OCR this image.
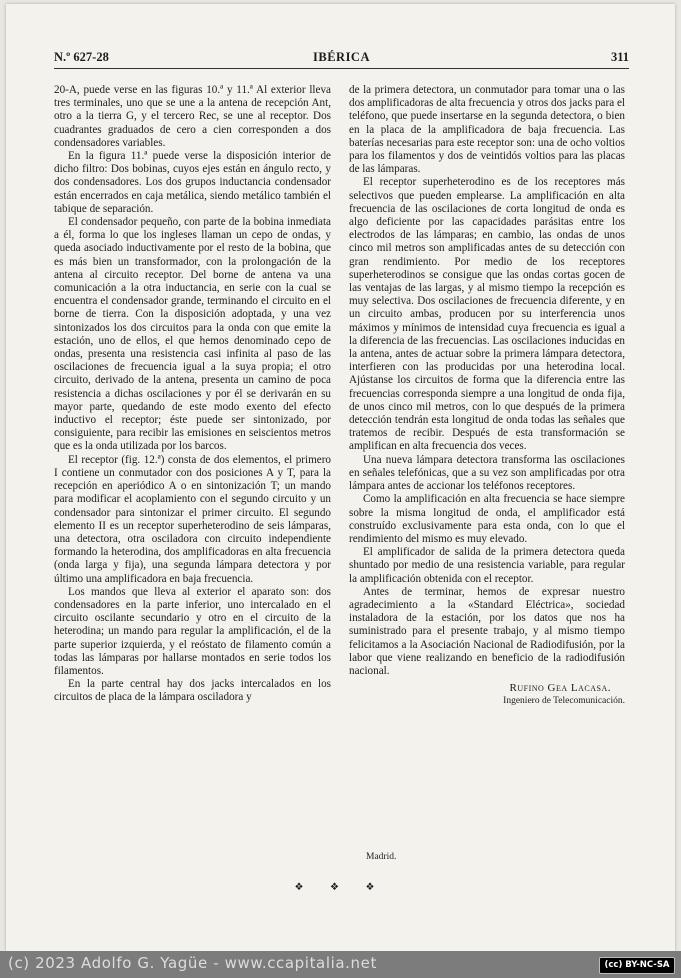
N.º 627-28	IBÉRICA	311

20-A, puede verse en las figuras 10.ª y 11.ª Al exterior lleva tres terminales, uno que se une a la antena de recepción Ant, otro a la tierra G, y el tercero Rec, se une al receptor. Dos cuadrantes graduados de cero a cien corresponden a dos condensadores variables.

En la figura 11.ª puede verse la disposición interior de dicho filtro: Dos bobinas, cuyos ejes están en ángulo recto, y dos condensadores. Los dos grupos inductancia condensador están encerrados en caja metálica, siendo metálico también el tabique de separación.

El condensador pequeño, con parte de la bobina inmediata a él, forma lo que los ingleses llaman un cepo de ondas, y queda asociado inductivamente por el resto de la bobina, que es más bien un transformador, con la prolongación de la antena al circuito receptor. Del borne de antena va una comunicación a la otra inductancia, en serie con la cual se encuentra el condensador grande, terminando el circuito en el borne de tierra. Con la disposición adoptada, y una vez sintonizados los dos circuitos para la onda con que emite la estación, uno de ellos, el que hemos denominado cepo de ondas, presenta una resistencia casi infinita al paso de las oscilaciones de frecuencia igual a la suya propia; el otro circuito, derivado de la antena, presenta un camino de poca resistencia a dichas oscilaciones y por él se derivarán en su mayor parte, quedando de este modo exento del efecto inductivo el receptor; éste puede ser sintonizado, por consiguiente, para recibir las emisiones en seiscientos metros que es la onda utilizada por los barcos.

El receptor (fig. 12.ª) consta de dos elementos, el primero I contiene un conmutador con dos posiciones A y T, para la recepción en aperiódico A o en sintonización T; un mando para modificar el acoplamiento con el segundo circuito y un condensador para sintonizar el primer circuito. El segundo elemento II es un receptor superheterodino de seis lámparas, una detectora, otra osciladora con circuito independiente formando la heterodina, dos amplificadoras en alta frecuencia (onda larga y fija), una segunda lámpara detectora y por último una amplificadora en baja frecuencia.

Los mandos que lleva al exterior el aparato son: dos condensadores en la parte inferior, uno intercalado en el circuito oscilante secundario y otro en el circuito de la heterodina; un mando para regular la amplificación, el de la parte superior izquierda, y el reóstato de filamento común a todas las lámparas por hallarse montados en serie todos los filamentos.

En la parte central hay dos jacks intercalados en los circuitos de placa de la lámpara osciladora y

de la primera detectora, un conmutador para tomar una o las dos amplificadoras de alta frecuencia y otros dos jacks para el teléfono, que puede insertarse en la segunda detectora, o bien en la placa de la amplificadora de baja frecuencia. Las baterías necesarias para este receptor son: una de ocho voltios para los filamentos y dos de veintidós voltios para las placas de las lámparas.

El receptor superheterodino es de los receptores más selectivos que pueden emplearse. La amplificación en alta frecuencia de las oscilaciones de corta longitud de onda es algo deficiente por las capacidades parásitas entre los electrodos de las lámparas; en cambio, las ondas de unos cinco mil metros son amplificadas antes de su detección con gran rendimiento. Por medio de los receptores superheterodinos se consigue que las ondas cortas gocen de las ventajas de las largas, y al mismo tiempo la recepción es muy selectiva. Dos oscilaciones de frecuencia diferente, y en un circuito ambas, producen por su interferencia unos máximos y mínimos de intensidad cuya frecuencia es igual a la diferencia de las frecuencias. Las oscilaciones inducidas en la antena, antes de actuar sobre la primera lámpara detectora, interfieren con las producidas por una heterodina local. Ajústanse los circuitos de forma que la diferencia entre las frecuencias corresponda siempre a una longitud de onda fija, de unos cinco mil metros, con lo que después de la primera detección tendrán esta longitud de onda todas las señales que tratemos de recibir. Después de esta transformación se amplifican en alta frecuencia dos veces.

Una nueva lámpara detectora transforma las oscilaciones en señales telefónicas, que a su vez son amplificadas por otra lámpara antes de accionar los teléfonos receptores.

Como la amplificación en alta frecuencia se hace siempre sobre la misma longitud de onda, el amplificador está construído exclusivamente para esta onda, con lo que el rendimiento del mismo es muy elevado.

El amplificador de salida de la primera detectora queda shuntado por medio de una resistencia variable, para regular la amplificación obtenida con el receptor.

Antes de terminar, hemos de expresar nuestro agradecimiento a la «Standard Eléctrica», sociedad instaladora de la estación, por los datos que nos ha suministrado para el presente trabajo, y al mismo tiempo felicitamos a la Asociación Nacional de Radiodifusión, por la labor que viene realizando en beneficio de la radiodifusión nacional.

Rufino Gea Lacasa.
Ingeniero de Telecomunicación.
Madrid.
❖ ❖ ❖
(c) 2023 Adolfo G. Yagüe - www.ccapitalia.net	(cc) BY-NC-SA
